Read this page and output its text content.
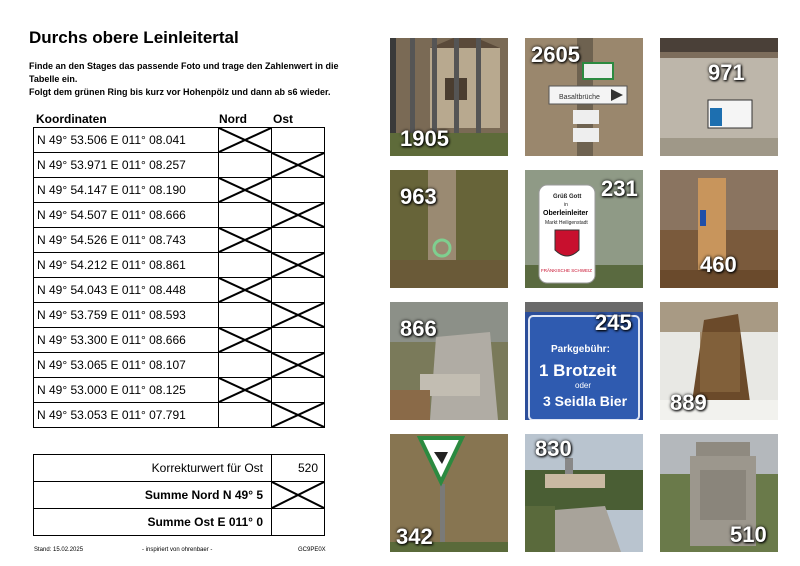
Durchs obere Leinleitertal
Finde an den Stages das passende Foto und trage den Zahlenwert in die Tabelle ein.
Folgt dem grünen Ring bis kurz vor Hohenpölz und dann ab s6 wieder.
Koordinaten	Nord Ost
N 49° 53.506 E 011° 08.041	

N 49° 53.971 E 011° 08.257		

N 49° 54.147 E 011° 08.190	

N 49° 54.507 E 011° 08.666		

N 49° 54.526 E 011° 08.743	

N 49° 54.212 E 011° 08.861		

N 49° 54.043 E 011° 08.448	

N 49° 53.759 E 011° 08.593		

N 49° 53.300 E 011° 08.666	

N 49° 53.065 E 011° 08.107		

N 49° 53.000 E 011° 08.125	

N 49° 53.053 E 011° 07.791		
Korrekturwert für Ost	520
Summe Nord N 49° 5	

Summe Ost E 011° 0	
Stand: 15.02.2025	- inspiriert von ohrenbaer -	GC9PE0X
1905
Basaltbrüche
2605
971
963	Grüß Gott
in
Oberleinleiter
Markt Heiligenstadt
FRÄNKISCHE SCHWEIZ
231
460
866
Parkgebühr:
1 Brotzeit
oder
3 Seidla Bier
245
889
342
830
510
